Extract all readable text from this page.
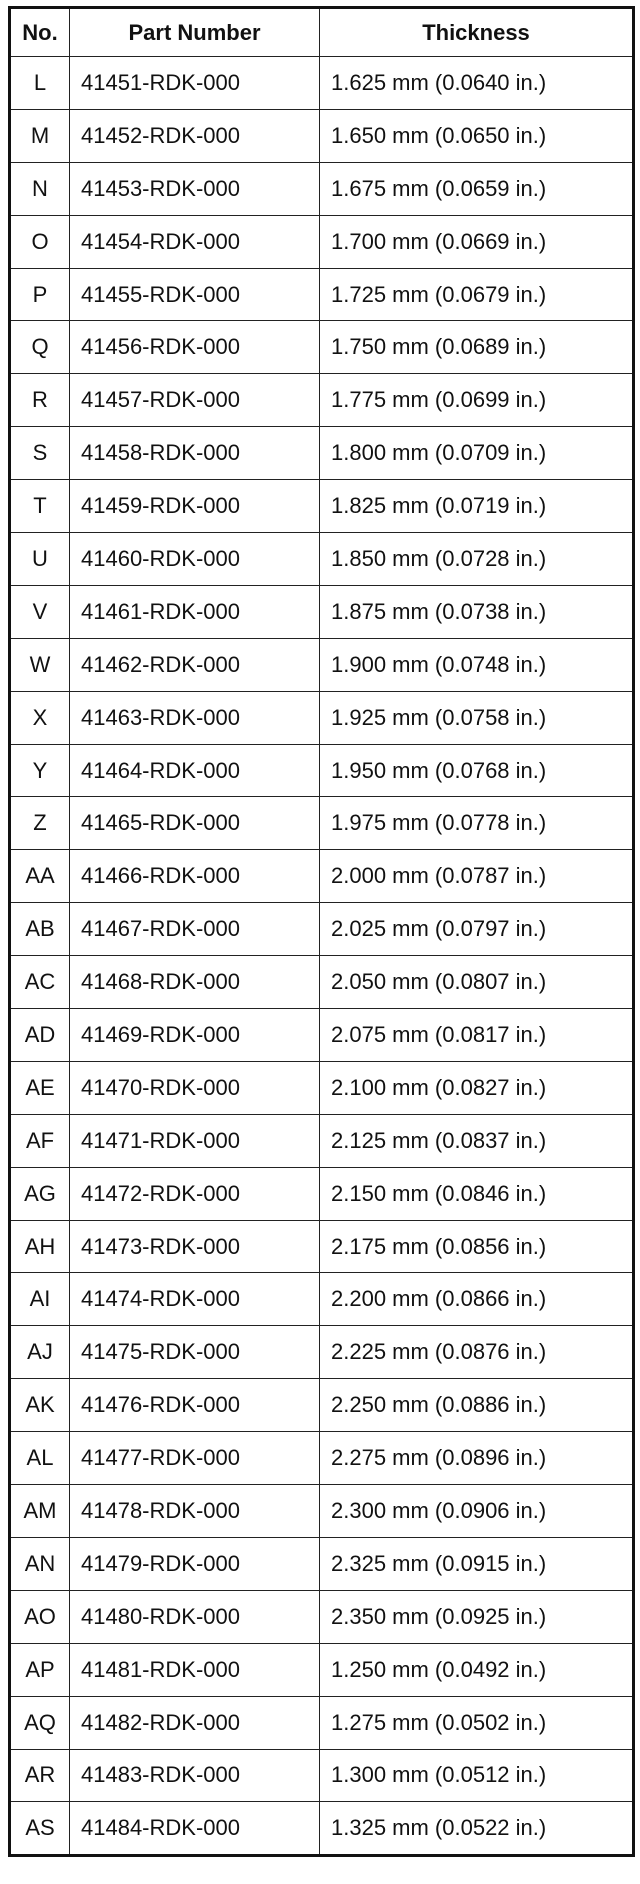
No.	Part Number	Thickness
L	41451-RDK-000	1.625 mm (0.0640 in.)
M	41452-RDK-000	1.650 mm (0.0650 in.)
N	41453-RDK-000	1.675 mm (0.0659 in.)
O	41454-RDK-000	1.700 mm (0.0669 in.)
P	41455-RDK-000	1.725 mm (0.0679 in.)
Q	41456-RDK-000	1.750 mm (0.0689 in.)
R	41457-RDK-000	1.775 mm (0.0699 in.)
S	41458-RDK-000	1.800 mm (0.0709 in.)
T	41459-RDK-000	1.825 mm (0.0719 in.)
U	41460-RDK-000	1.850 mm (0.0728 in.)
V	41461-RDK-000	1.875 mm (0.0738 in.)
W	41462-RDK-000	1.900 mm (0.0748 in.)
X	41463-RDK-000	1.925 mm (0.0758 in.)
Y	41464-RDK-000	1.950 mm (0.0768 in.)
Z	41465-RDK-000	1.975 mm (0.0778 in.)
AA	41466-RDK-000	2.000 mm (0.0787 in.)
AB	41467-RDK-000	2.025 mm (0.0797 in.)
AC	41468-RDK-000	2.050 mm (0.0807 in.)
AD	41469-RDK-000	2.075 mm (0.0817 in.)
AE	41470-RDK-000	2.100 mm (0.0827 in.)
AF	41471-RDK-000	2.125 mm (0.0837 in.)
AG	41472-RDK-000	2.150 mm (0.0846 in.)
AH	41473-RDK-000	2.175 mm (0.0856 in.)
AI	41474-RDK-000	2.200 mm (0.0866 in.)
AJ	41475-RDK-000	2.225 mm (0.0876 in.)
AK	41476-RDK-000	2.250 mm (0.0886 in.)
AL	41477-RDK-000	2.275 mm (0.0896 in.)
AM	41478-RDK-000	2.300 mm (0.0906 in.)
AN	41479-RDK-000	2.325 mm (0.0915 in.)
AO	41480-RDK-000	2.350 mm (0.0925 in.)
AP	41481-RDK-000	1.250 mm (0.0492 in.)
AQ	41482-RDK-000	1.275 mm (0.0502 in.)
AR	41483-RDK-000	1.300 mm (0.0512 in.)
AS	41484-RDK-000	1.325 mm (0.0522 in.)
